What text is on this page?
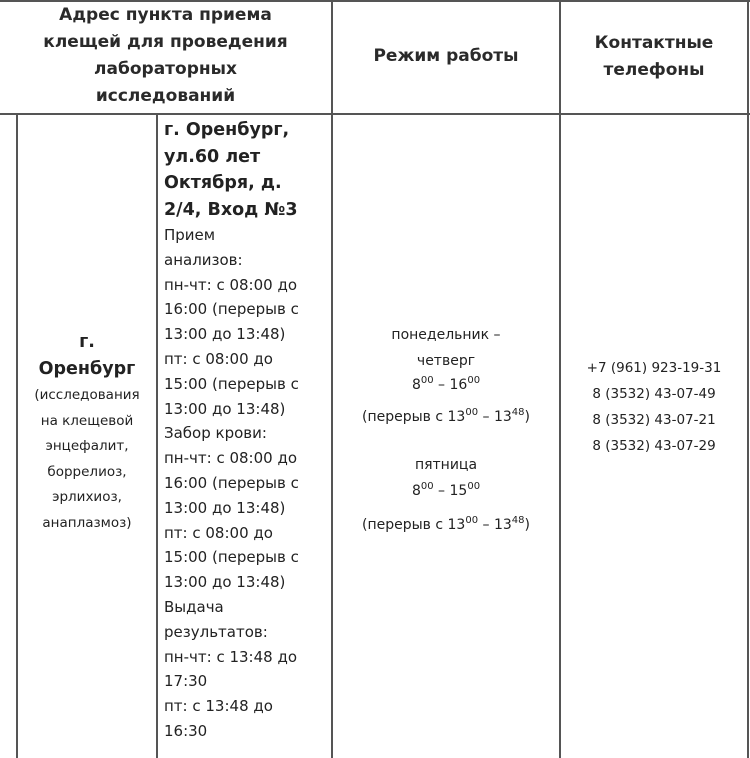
Адрес пункта приема
клещей для проведения
лабораторных
исследований
Режим работы
Контактные
телефоны
г.
Оренбург
(исследования
на клещевой
энцефалит,
боррелиоз,
эрлихиоз,
анаплазмоз)
г. Оренбург,
ул.60 лет
Октября, д.
2/4, Вход №3
Прием
анализов:
пн-чт: с 08:00 до
16:00 (перерыв с
13:00 до 13:48)
пт: с 08:00 до
15:00 (перерыв с
13:00 до 13:48)
Забор крови:
пн-чт: с 08:00 до
16:00 (перерыв с
13:00 до 13:48)
пт: с 08:00 до
15:00 (перерыв с
13:00 до 13:48)
Выдача
результатов:
пн-чт: с 13:48 до
17:30
пт: с 13:48 до
16:30
понедельник –
четверг
$8^{00} - 16^{00}$
(перерыв с $13^{00} - 13^{48}$)
пятница
$8^{00} - 15^{00}$
(перерыв с $13^{00} - 13^{48}$)
+7 (961) 923-19-31
8 (3532) 43-07-49
8 (3532) 43-07-21
8 (3532) 43-07-29
